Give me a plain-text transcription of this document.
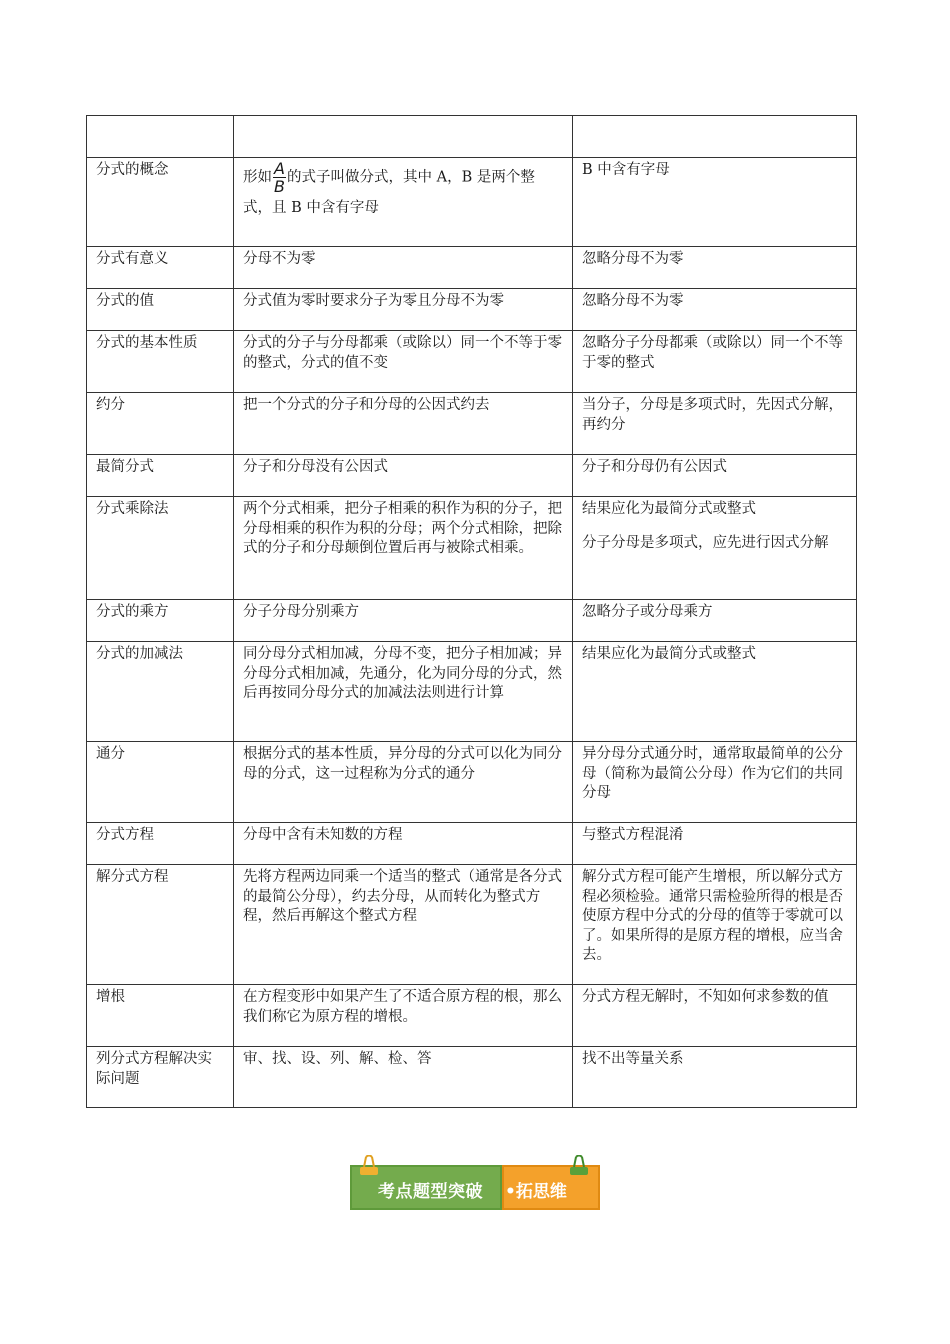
分式的概念	形如 $\frac{A}{B}$ 的式子叫做分式，其中 A，B 是两个整式，且 B 中含有字母	B 中含有字母
分式有意义	分母不为零	忽略分母不为零
分式的值	分式值为零时要求分子为零且分母不为零	忽略分母不为零
分式的基本性质	分式的分子与分母都乘（或除以）同一个不等于零的整式，分式的值不变	忽略分子分母都乘（或除以）同一个不等于零的整式
约分	把一个分式的分子和分母的公因式约去	当分子，分母是多项式时，先因式分解，再约分
最简分式	分子和分母没有公因式	分子和分母仍有公因式
分式乘除法	两个分式相乘，把分子相乘的积作为积的分子，把分母相乘的积作为积的分母；两个分式相除，把除式的分子和分母颠倒位置后再与被除式相乘。	结果应化为最简分式或整式
分子分母是多项式，应先进行因式分解
分式的乘方	分子分母分别乘方	忽略分子或分母乘方
分式的加减法	同分母分式相加减，分母不变，把分子相加减；异分母分式相加减，先通分，化为同分母的分式，然后再按同分母分式的加减法法则进行计算	结果应化为最简分式或整式
通分	根据分式的基本性质，异分母的分式可以化为同分母的分式，这一过程称为分式的通分	异分母分式通分时，通常取最简单的公分母（简称为最简公分母）作为它们的共同分母
分式方程	分母中含有未知数的方程	与整式方程混淆
解分式方程	先将方程两边同乘一个适当的整式（通常是各分式的最简公分母），约去分母，从而转化为整式方程，然后再解这个整式方程	解分式方程可能产生增根，所以解分式方程必须检验。通常只需检验所得的根是否使原方程中分式的分母的值等于零就可以了。如果所得的是原方程的增根，应当舍去。
增根	在方程变形中如果产生了不适合原方程的根，那么我们称它为原方程的增根。	分式方程无解时，不知如何求参数的值
列分式方程解决实际问题	审、找、设、列、解、检、答	找不出等量关系
考点题型突破 •拓思维
